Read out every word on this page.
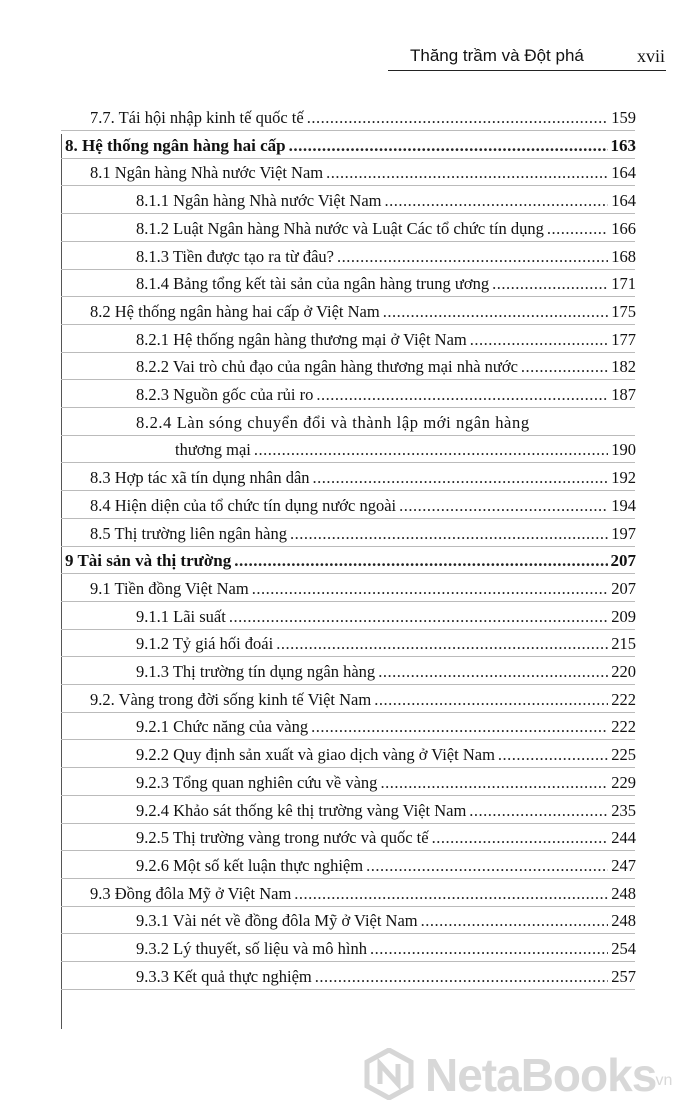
Thăng trầm và Đột phá	xvii
7.7. Tái hội nhập kinh tế quốc tế .....	159
8. Hệ thống ngân hàng hai cấp .....	163
8.1 Ngân hàng Nhà nước Việt Nam .....	164
8.1.1 Ngân hàng Nhà nước Việt Nam .....	164
8.1.2 Luật Ngân hàng Nhà nước và Luật Các tổ chức tín dụng .....	166
8.1.3 Tiền được tạo ra từ đâu? .....	168
8.1.4 Bảng tổng kết tài sản của ngân hàng trung ương .....	171
8.2 Hệ thống ngân hàng hai cấp ở Việt Nam .....	175
8.2.1 Hệ thống ngân hàng thương mại ở Việt Nam .....	177
8.2.2 Vai trò chủ đạo của ngân hàng thương mại nhà nước .....	182
8.2.3 Nguồn gốc của rủi ro .....	187
8.2.4 Làn sóng chuyển đổi và thành lập mới ngân hàng
thương mại .....	190
8.3 Hợp tác xã tín dụng nhân dân .....	192
8.4 Hiện diện của tổ chức tín dụng nước ngoài .....	194
8.5 Thị trường liên ngân hàng .....	197
9 Tài sản và thị trường .....	207
9.1 Tiền đồng Việt Nam .....	207
9.1.1 Lãi suất .....	209
9.1.2 Tỷ giá hối đoái .....	215
9.1.3 Thị trường tín dụng ngân hàng .....	220
9.2. Vàng trong đời sống kinh tế Việt Nam .....	222
9.2.1 Chức năng của vàng .....	222
9.2.2 Quy định sản xuất và giao dịch vàng ở Việt Nam .....	225
9.2.3 Tổng quan nghiên cứu về vàng .....	229
9.2.4 Khảo sát thống kê thị trường vàng Việt Nam .....	235
9.2.5 Thị trường vàng trong nước và quốc tế .....	244
9.2.6 Một số kết luận thực nghiệm .....	247
9.3 Đồng đôla Mỹ ở Việt Nam .....	248
9.3.1 Vài nét về đồng đôla Mỹ ở Việt Nam .....	248
9.3.2 Lý thuyết, số liệu và mô hình .....	254
9.3.3 Kết quả thực nghiệm .....	257
NetaBooks
.vn
